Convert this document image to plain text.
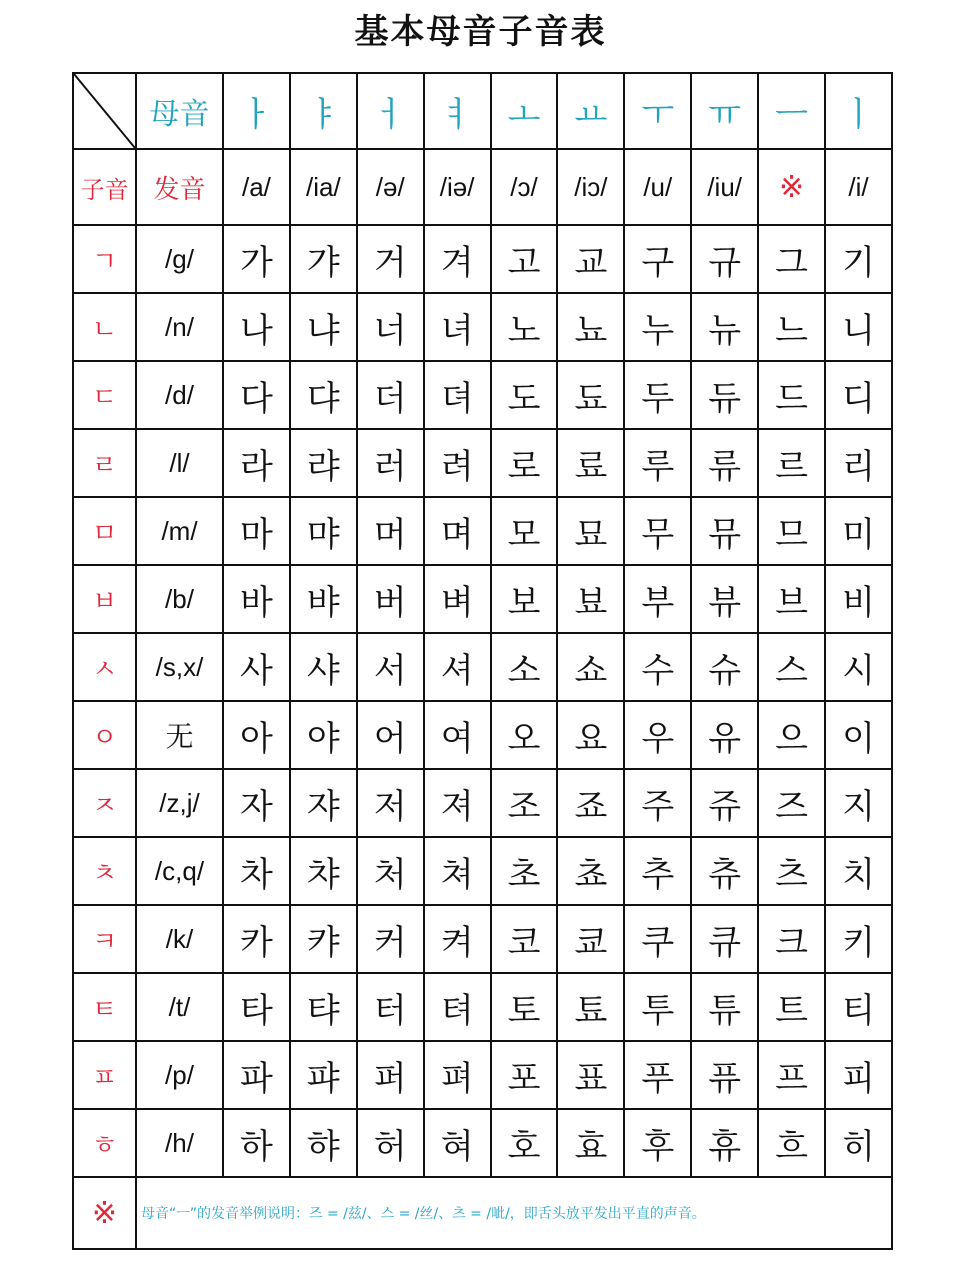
基本母音子音表
	母音	ㅏ	ㅑ	ㅓ	ㅕ	ㅗ	ㅛ	ㅜ	ㅠ	ㅡ	ㅣ
子音	发音	/a/	/ia/	/ə/	/iə/	/ɔ/	/iɔ/	/u/	/iu/	※	/i/
ㄱ	/g/	가	갸	거	겨	고	교	구	규	그	기
ㄴ	/n/	나	냐	너	녀	노	뇨	누	뉴	느	니
ㄷ	/d/	다	댜	더	뎌	도	됴	두	듀	드	디
ㄹ	/l/	라	랴	러	려	로	료	루	류	르	리
ㅁ	/m/	마	먀	머	며	모	묘	무	뮤	므	미
ㅂ	/b/	바	뱌	버	벼	보	뵤	부	뷰	브	비
ㅅ	/s,x/	사	샤	서	셔	소	쇼	수	슈	스	시
ㅇ	无	아	야	어	여	오	요	우	유	으	이
ㅈ	/z,j/	자	쟈	저	져	조	죠	주	쥬	즈	지
ㅊ	/c,q/	차	챠	처	쳐	초	쵸	추	츄	츠	치
ㅋ	/k/	카	캬	커	켜	코	쿄	쿠	큐	크	키
ㅌ	/t/	타	탸	터	텨	토	툐	투	튜	트	티
ㅍ	/p/	파	퍄	퍼	펴	포	표	푸	퓨	프	피
ㅎ	/h/	하	햐	허	혀	호	효	후	휴	흐	히
※	母音“ㅡ”的发音举例说明：즈 = /兹/、스 = /丝/、츠 = /呲/，即舌头放平发出平直的声音。										
